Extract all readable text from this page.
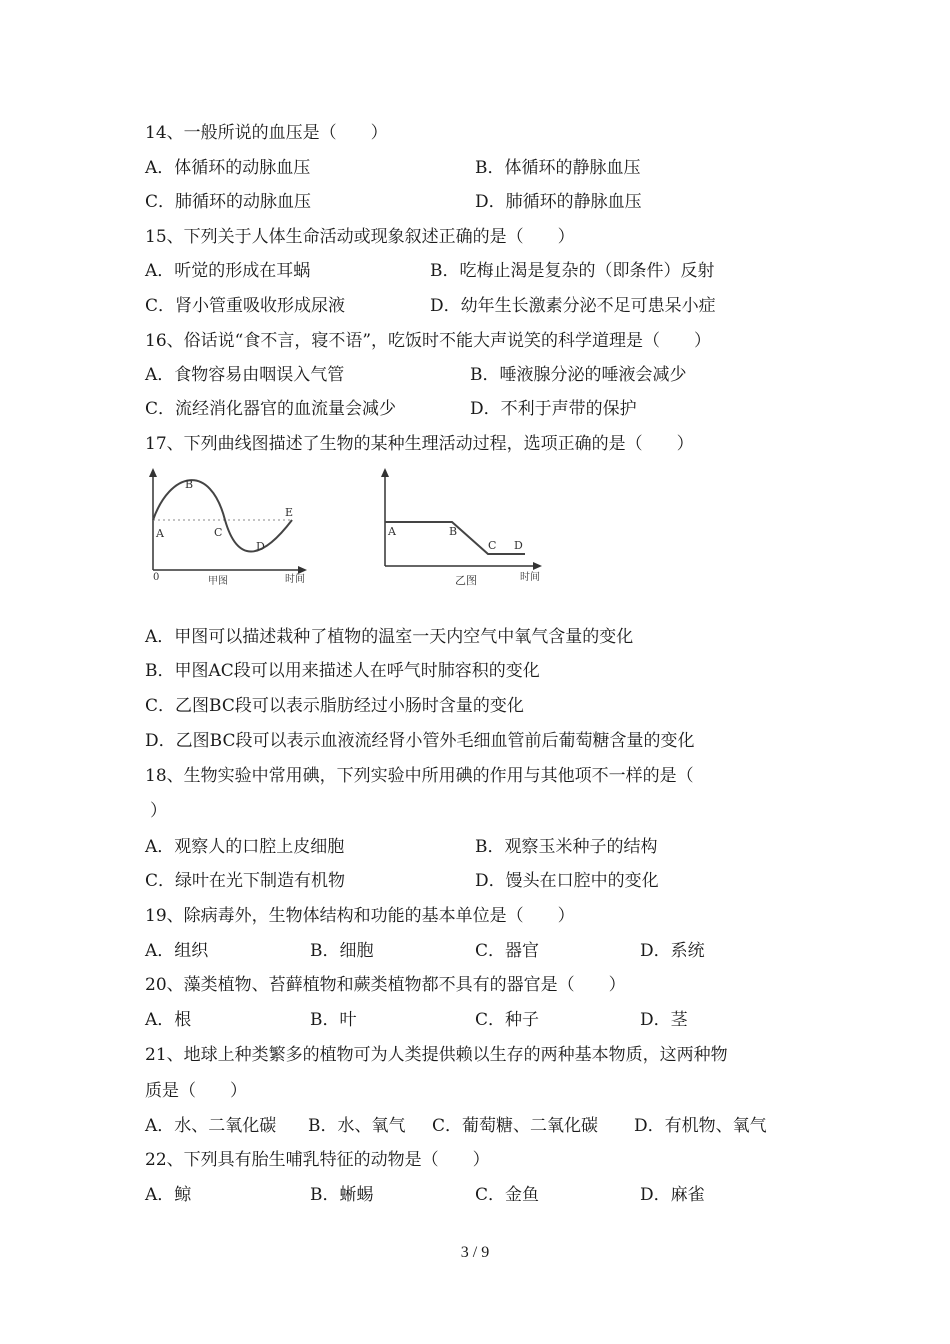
14、一般所说的血压是（　　）
A．体循环的动脉血压	B．体循环的静脉血压
C．肺循环的动脉血压	D．肺循环的静脉血压
15、下列关于人体生命活动或现象叙述正确的是（　　）
A．听觉的形成在耳蜗	B．吃梅止渴是复杂的（即条件）反射
C．肾小管重吸收形成尿液	D．幼年生长激素分泌不足可患呆小症
16、俗话说“食不言，寝不语”，吃饭时不能大声说笑的科学道理是（　　）
A．食物容易由咽误入气管	B．唾液腺分泌的唾液会减少
C．流经消化器官的血流量会减少	D．不利于声带的保护
17、下列曲线图描述了生物的某种生理活动过程，选项正确的是（　　）
0
A
B
C
D
E
甲图	时间
A	B
C D
乙图	时间
A．甲图可以描述栽种了植物的温室一天内空气中氧气含量的变化
B．甲图AC段可以用来描述人在呼气时肺容积的变化
C．乙图BC段可以表示脂肪经过小肠时含量的变化
D．乙图BC段可以表示血液流经肾小管外毛细血管前后葡萄糖含量的变化
18、生物实验中常用碘，下列实验中所用碘的作用与其他项不一样的是（
）
A．观察人的口腔上皮细胞	B．观察玉米种子的结构
C．绿叶在光下制造有机物	D．馒头在口腔中的变化
19、除病毒外，生物体结构和功能的基本单位是（　　）
A．组织	B．细胞	C．器官	D．系统
20、藻类植物、苔藓植物和蕨类植物都不具有的器官是（　　）
A．根	B．叶	C．种子	D．茎
21、地球上种类繁多的植物可为人类提供赖以生存的两种基本物质，这两种物
质是（　　）
A．水、二氧化碳 B．水、氧气 C．葡萄糖、二氧化碳 D．有机物、氧气
22、下列具有胎生哺乳特征的动物是（　　）
A．鲸	B．蜥蜴	C．金鱼	D．麻雀
3 / 9
